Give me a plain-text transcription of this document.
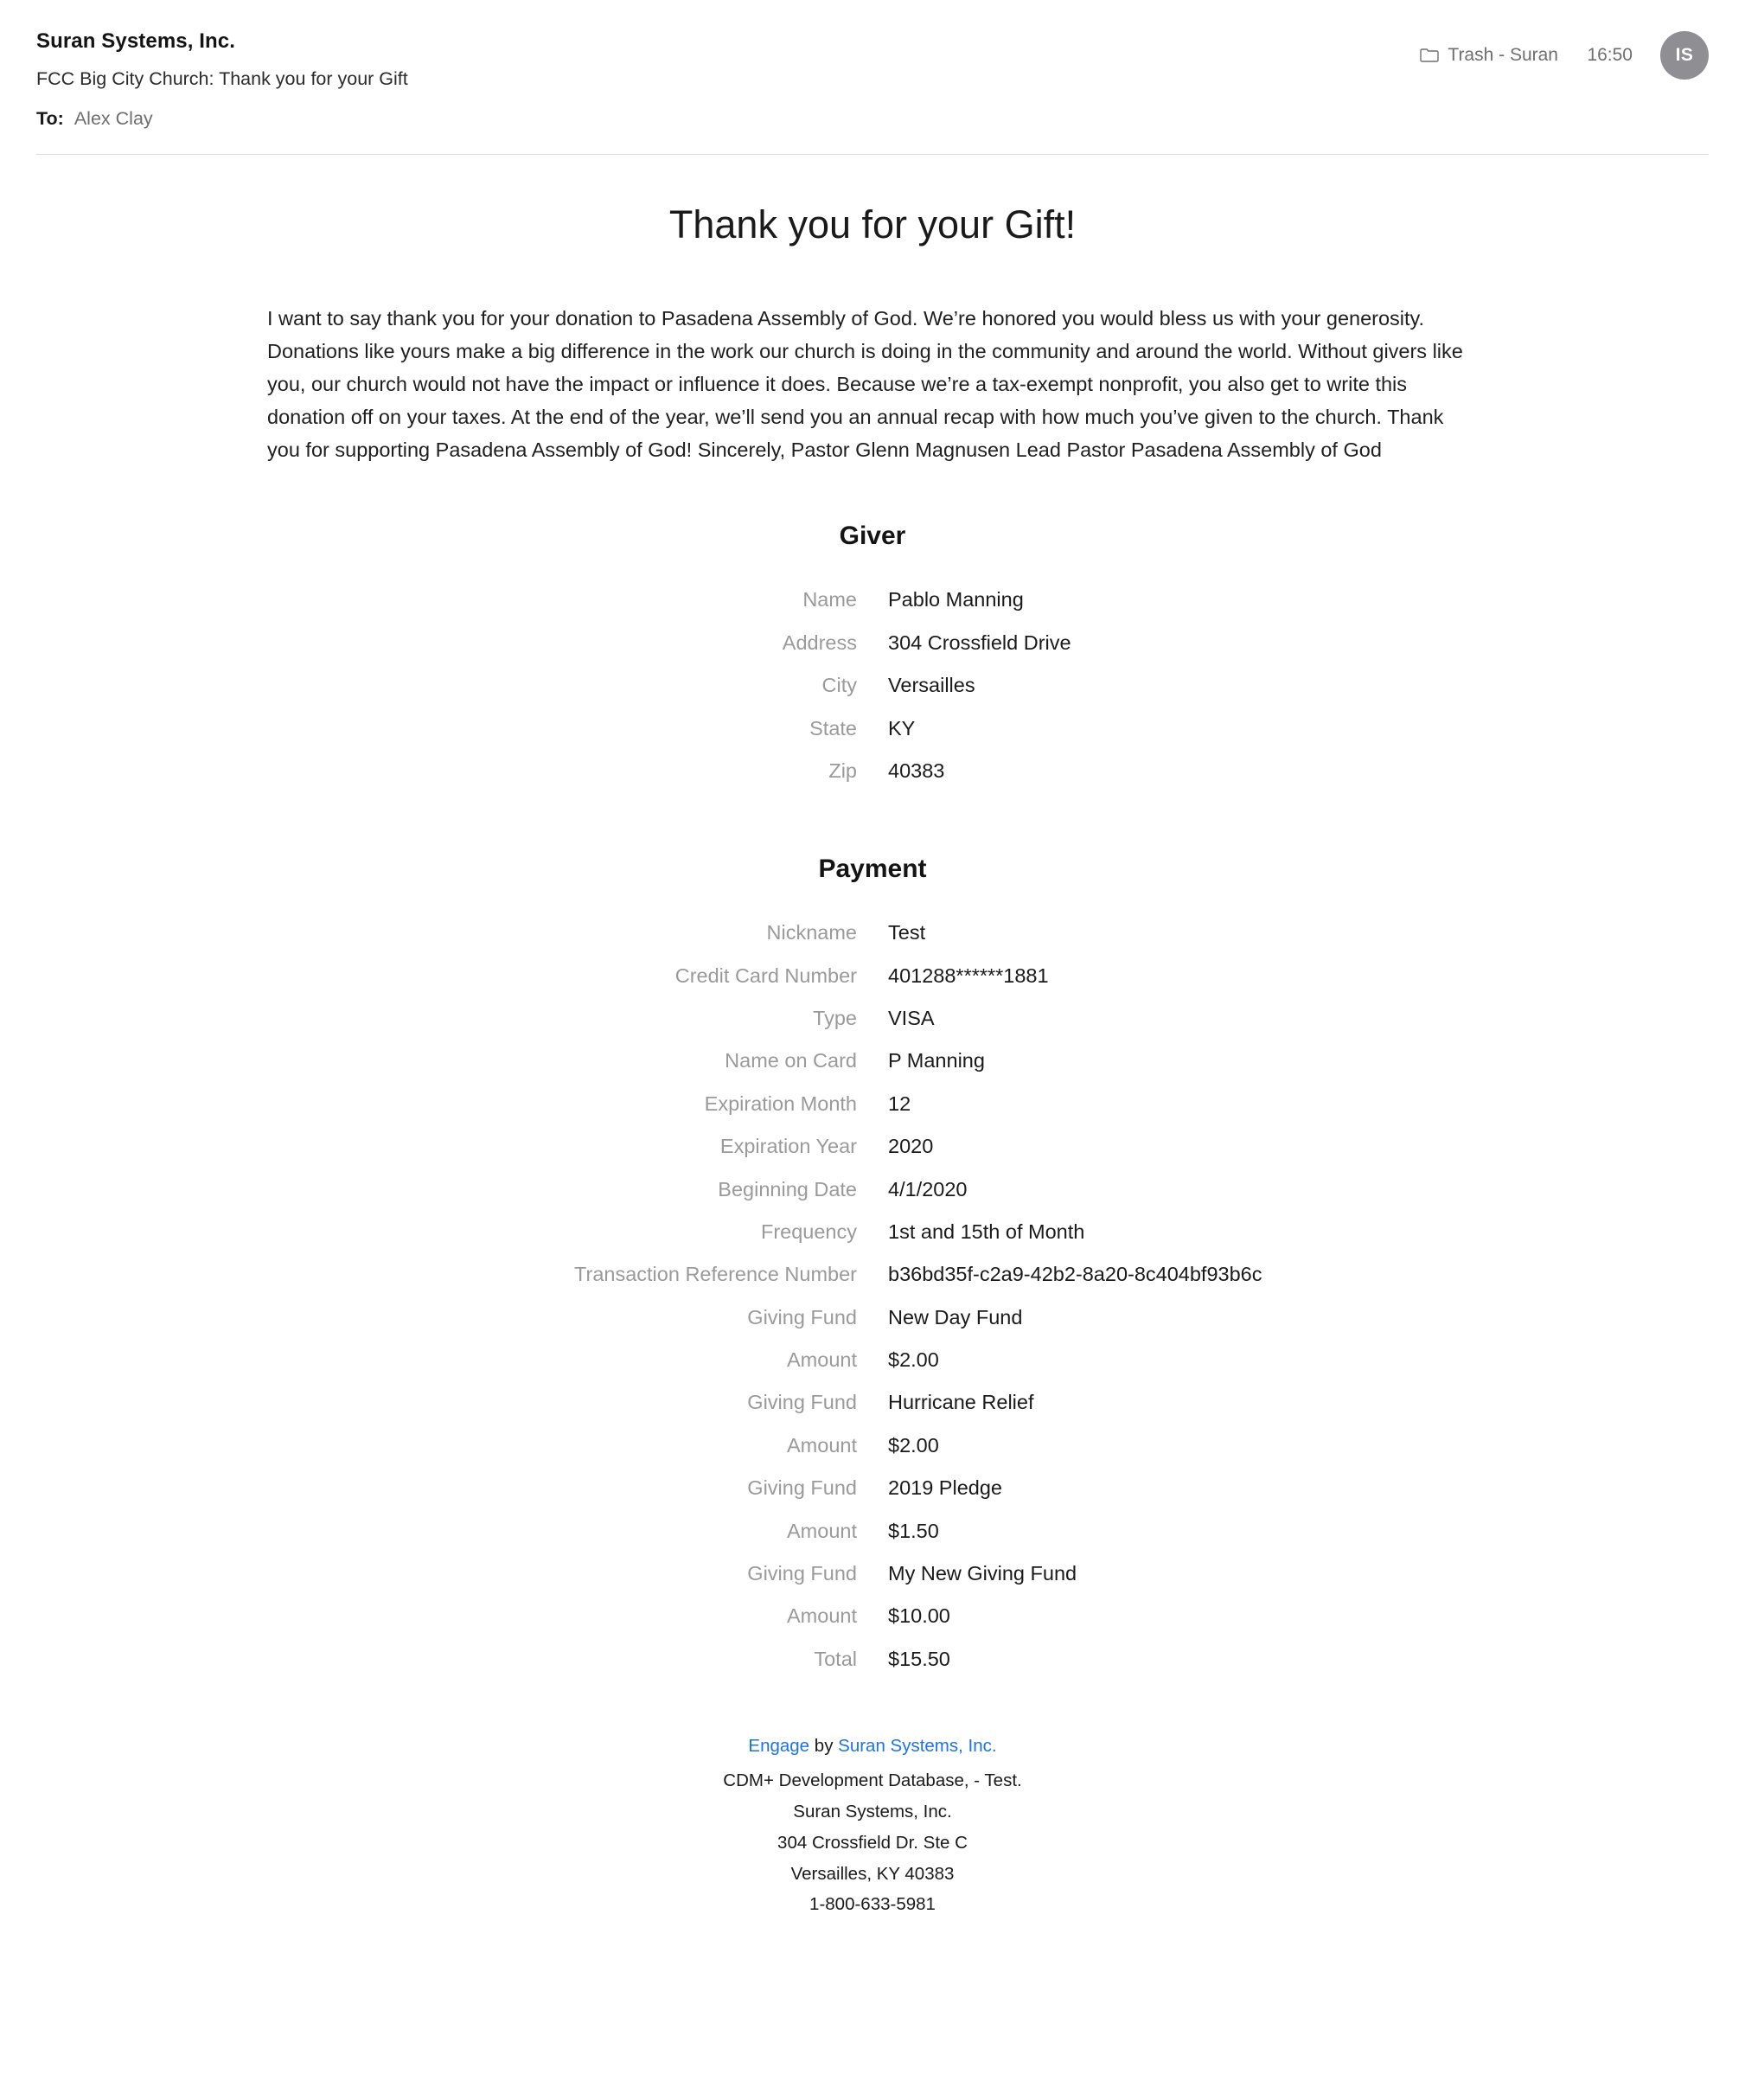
Suran Systems, Inc.
FCC Big City Church: Thank you for your Gift
To: Alex Clay
Trash - Suran	16:50	IS
Thank you for your Gift!

I want to say thank you for your donation to Pasadena Assembly of God. We’re honored you would bless us with your generosity. Donations like yours make a big difference in the work our church is doing in the community and around the world. Without givers like you, our church would not have the impact or influence it does. Because we’re a tax-exempt nonprofit, you also get to write this donation off on your taxes. At the end of the year, we’ll send you an annual recap with how much you’ve given to the church. Thank you for supporting Pasadena Assembly of God! Sincerely, Pastor Glenn Magnusen Lead Pastor Pasadena Assembly of God

Giver
Name	Pablo Manning
Address	304 Crossfield Drive
City	Versailles
State	KY
Zip	40383
Payment
Nickname	Test
Credit Card Number	401288******1881
Type	VISA
Name on Card	P Manning
Expiration Month	12
Expiration Year	2020
Beginning Date	4/1/2020
Frequency	1st and 15th of Month
Transaction Reference Number	b36bd35f-c2a9-42b2-8a20-8c404bf93b6c
Giving Fund	New Day Fund
Amount	$2.00
Giving Fund	Hurricane Relief
Amount	$2.00
Giving Fund	2019 Pledge
Amount	$1.50
Giving Fund	My New Giving Fund
Amount	$10.00
Total	$15.50
Engage by Suran Systems, Inc.
CDM+ Development Database, - Test.
Suran Systems, Inc.
304 Crossfield Dr. Ste C
Versailles, KY 40383
1-800-633-5981
